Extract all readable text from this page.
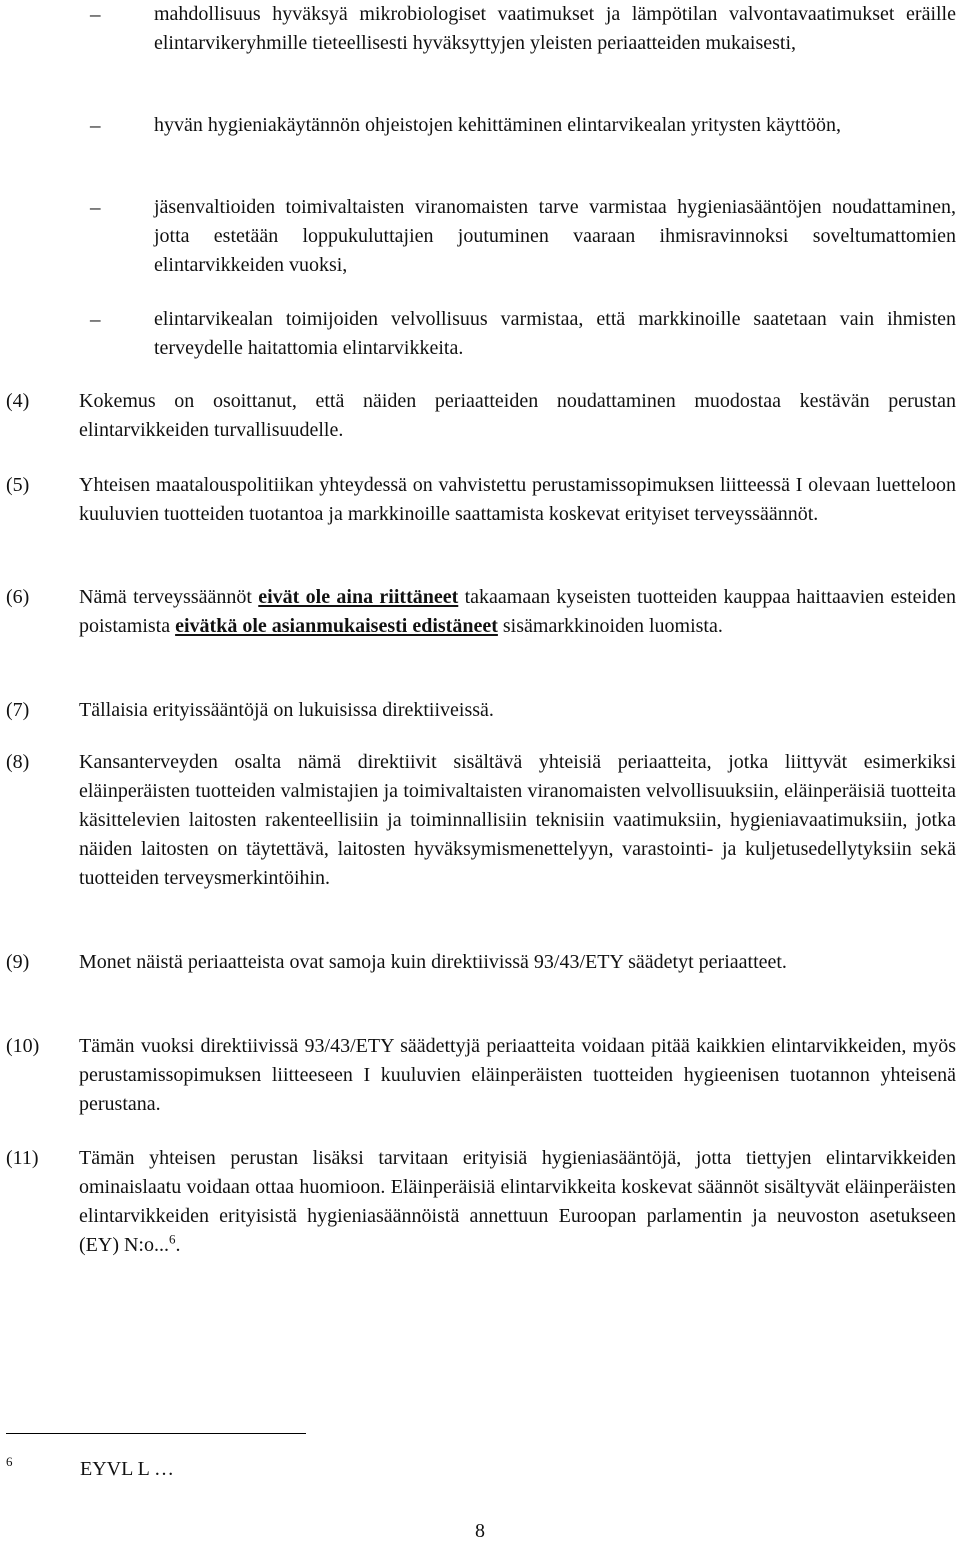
–	mahdollisuus hyväksyä mikrobiologiset vaatimukset ja lämpötilan valvontavaatimukset eräille elintarvikeryhmille tieteellisesti hyväksyttyjen yleisten periaatteiden mukaisesti,
–	hyvän hygieniakäytännön ohjeistojen kehittäminen elintarvikealan yritysten käyttöön,
–	jäsenvaltioiden toimivaltaisten viranomaisten tarve varmistaa hygieniasääntöjen noudattaminen, jotta estetään loppukuluttajien joutuminen vaaraan ihmisravinnoksi soveltumattomien elintarvikkeiden vuoksi,
–	elintarvikealan toimijoiden velvollisuus varmistaa, että markkinoille saatetaan vain ihmisten terveydelle haitattomia elintarvikkeita.
(4) Kokemus on osoittanut, että näiden periaatteiden noudattaminen muodostaa kestävän perustan elintarvikkeiden turvallisuudelle.
(5) Yhteisen maatalouspolitiikan yhteydessä on vahvistettu perustamissopimuksen liitteessä I olevaan luetteloon kuuluvien tuotteiden tuotantoa ja markkinoille saattamista koskevat erityiset terveyssäännöt.
(6) Nämä terveyssäännöt eivät ole aina riittäneet takaamaan kyseisten tuotteiden kauppaa haittaavien esteiden poistamista eivätkä ole asianmukaisesti edistäneet sisämarkkinoiden luomista.
(7) Tällaisia erityissääntöjä on lukuisissa direktiiveissä.
(8) Kansanterveyden osalta nämä direktiivit sisältävä yhteisiä periaatteita, jotka liittyvät esimerkiksi eläinperäisten tuotteiden valmistajien ja toimivaltaisten viranomaisten velvollisuuksiin, eläinperäisiä tuotteita käsittelevien laitosten rakenteellisiin ja toiminnallisiin teknisiin vaatimuksiin, hygieniavaatimuksiin, jotka näiden laitosten on täytettävä, laitosten hyväksymismenettelyyn, varastointi- ja kuljetusedellytyksiin sekä tuotteiden terveysmerkintöihin.
(9) Monet näistä periaatteista ovat samoja kuin direktiivissä 93/43/ETY säädetyt periaatteet.
(10) Tämän vuoksi direktiivissä 93/43/ETY säädettyjä periaatteita voidaan pitää kaikkien elintarvikkeiden, myös perustamissopimuksen liitteeseen I kuuluvien eläinperäisten tuotteiden hygieenisen tuotannon yhteisenä perustana.
(11) Tämän yhteisen perustan lisäksi tarvitaan erityisiä hygieniasääntöjä, jotta tiettyjen elintarvikkeiden ominaislaatu voidaan ottaa huomioon. Eläinperäisiä elintarvikkeita koskevat säännöt sisältyvät eläinperäisten elintarvikkeiden erityisistä hygieniasäännöistä annettuun Euroopan parlamentin ja neuvoston asetukseen (EY) N:o...$^6$.
6	EYVL L …
8
